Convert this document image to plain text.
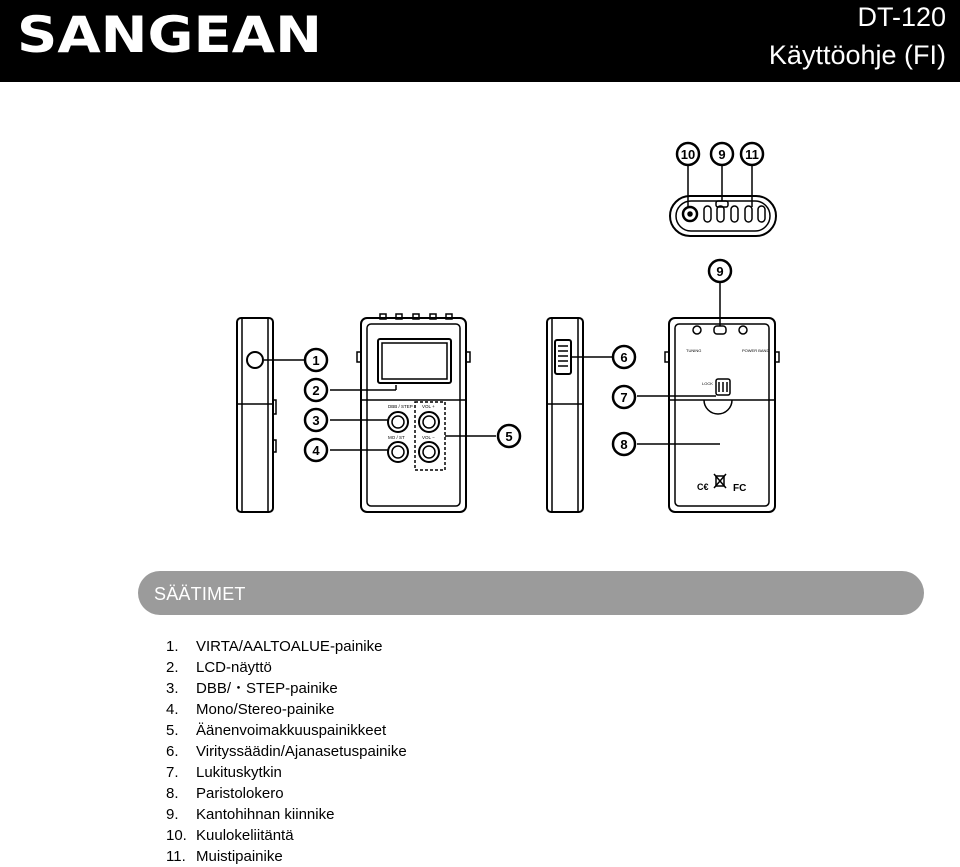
SANGEAN	DT-120
Käyttöohje (FI)
DBB / STEP VOL +
MO / ST	VOL −
C€ FC
TUNING	POWER BAND
LOCK
10 9 11
9
1
2
3
4
5
6
7
8
SÄÄTIMET
1. VIRTA/AALTOALUE-painike
2. LCD-näyttö
3. DBB/・STEP-painike
4. Mono/Stereo-painike
5. Äänenvoimakkuuspainikkeet
6. Virityssäädin/Ajanasetuspainike
7. Lukituskytkin
8. Paristolokero
9. Kantohihnan kiinnike
10. Kuulokeliitäntä
11. Muistipainike
